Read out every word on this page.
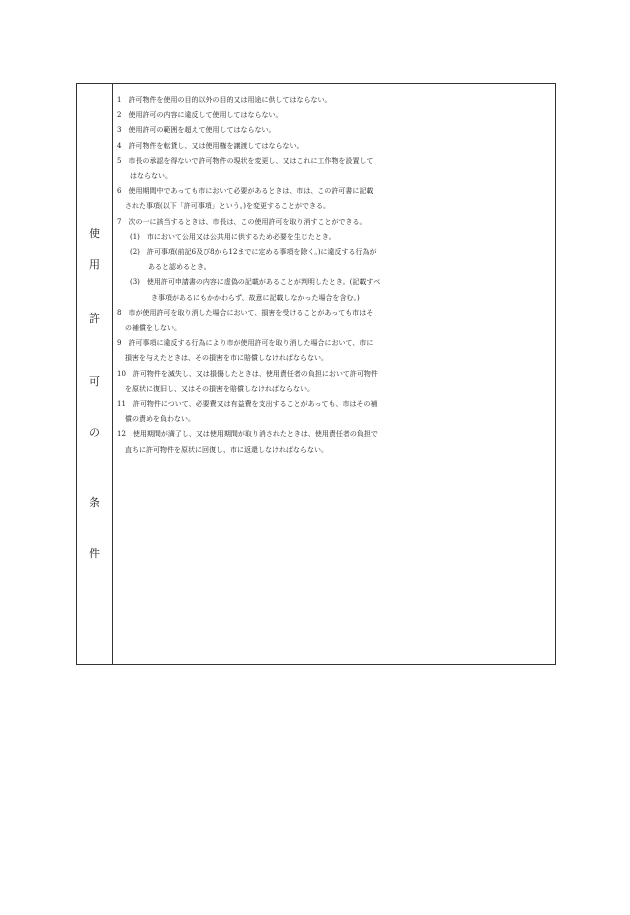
使
用
許
可
の
条
件
1　許可物件を使用の目的以外の目的又は用途に供してはならない。
2　使用許可の内容に違反して使用してはならない。
3　使用許可の範囲を超えて使用してはならない。
4　許可物件を転貸し、又は使用権を譲渡してはならない。
5　市長の承認を得ないで許可物件の現状を変更し、又はこれに工作物を設置して
はならない。
6　使用期間中であっても市において必要があるときは、市は、この許可書に記載
された事項(以下「許可事項」という。)を変更することができる。
7　次の一に該当するときは、市長は、この使用許可を取り消すことができる。
(1)　市において公用又は公共用に供するため必要を生じたとき。
(2)　許可事項(前記6及び8から12までに定める事項を除く。)に違反する行為が
あると認めるとき。
(3)　使用許可申請書の内容に虚偽の記載があることが判明したとき。(記載すべ
き事項があるにもかかわらず、故意に記載しなかった場合を含む。)
8　市が使用許可を取り消した場合において、損害を受けることがあっても市はそ
の補償をしない。
9　許可事項に違反する行為により市が使用許可を取り消した場合において、市に
損害を与えたときは、その損害を市に賠償しなければならない。
10　許可物件を滅失し、又は損傷したときは、使用責任者の負担において許可物件
を原状に復旧し、又はその損害を賠償しなければならない。
11　許可物件について、必要費又は有益費を支出することがあっても、市はその補
償の責めを負わない。
12　使用期間が満了し、又は使用期間が取り消されたときは、使用責任者の負担で
直ちに許可物件を原状に回復し、市に返還しなければならない。
